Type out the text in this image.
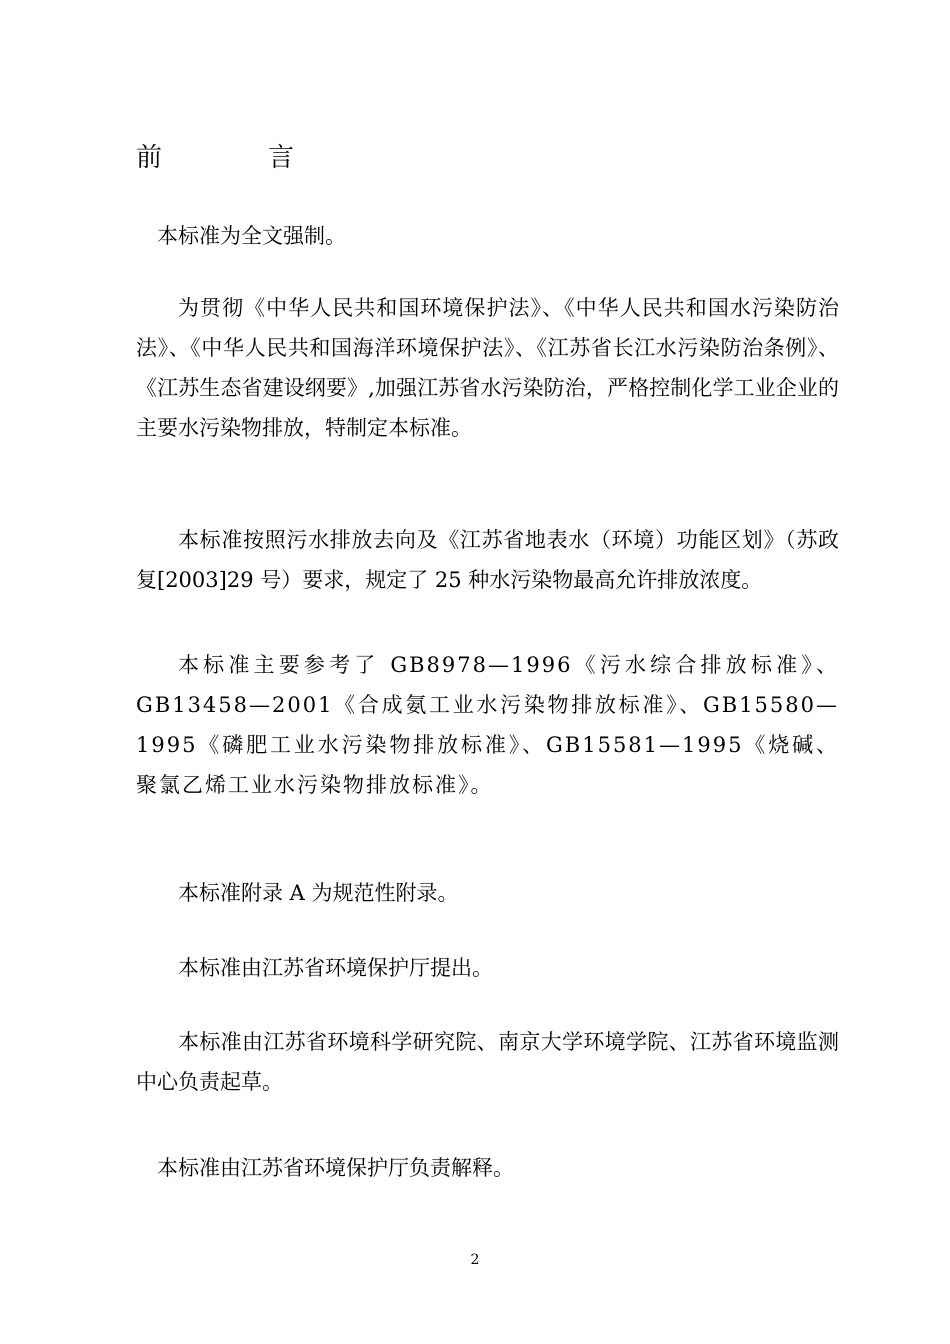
前　言

本标准为全文强制。

为贯彻《中华人民共和国环境保护法》、《中华人民共和国水污染防治法》、《中华人民共和国海洋环境保护法》、《江苏省长江水污染防治条例》、《江苏生态省建设纲要》,加强江苏省水污染防治，严格控制化学工业企业的主要水污染物排放，特制定本标准。

本标准按照污水排放去向及《江苏省地表水（环境）功能区划》（苏政复[2003]29 号）要求，规定了 25 种水污染物最高允许排放浓度。

本标准主要参考了 GB8978—1996《污水综合排放标准》、GB13458—2001《合成氨工业水污染物排放标准》、GB15580—1995《磷肥工业水污染物排放标准》、GB15581—1995《烧碱、聚氯乙烯工业水污染物排放标准》。

本标准附录 A 为规范性附录。

本标准由江苏省环境保护厅提出。

本标准由江苏省环境科学研究院、南京大学环境学院、江苏省环境监测中心负责起草。

本标准由江苏省环境保护厅负责解释。

2
